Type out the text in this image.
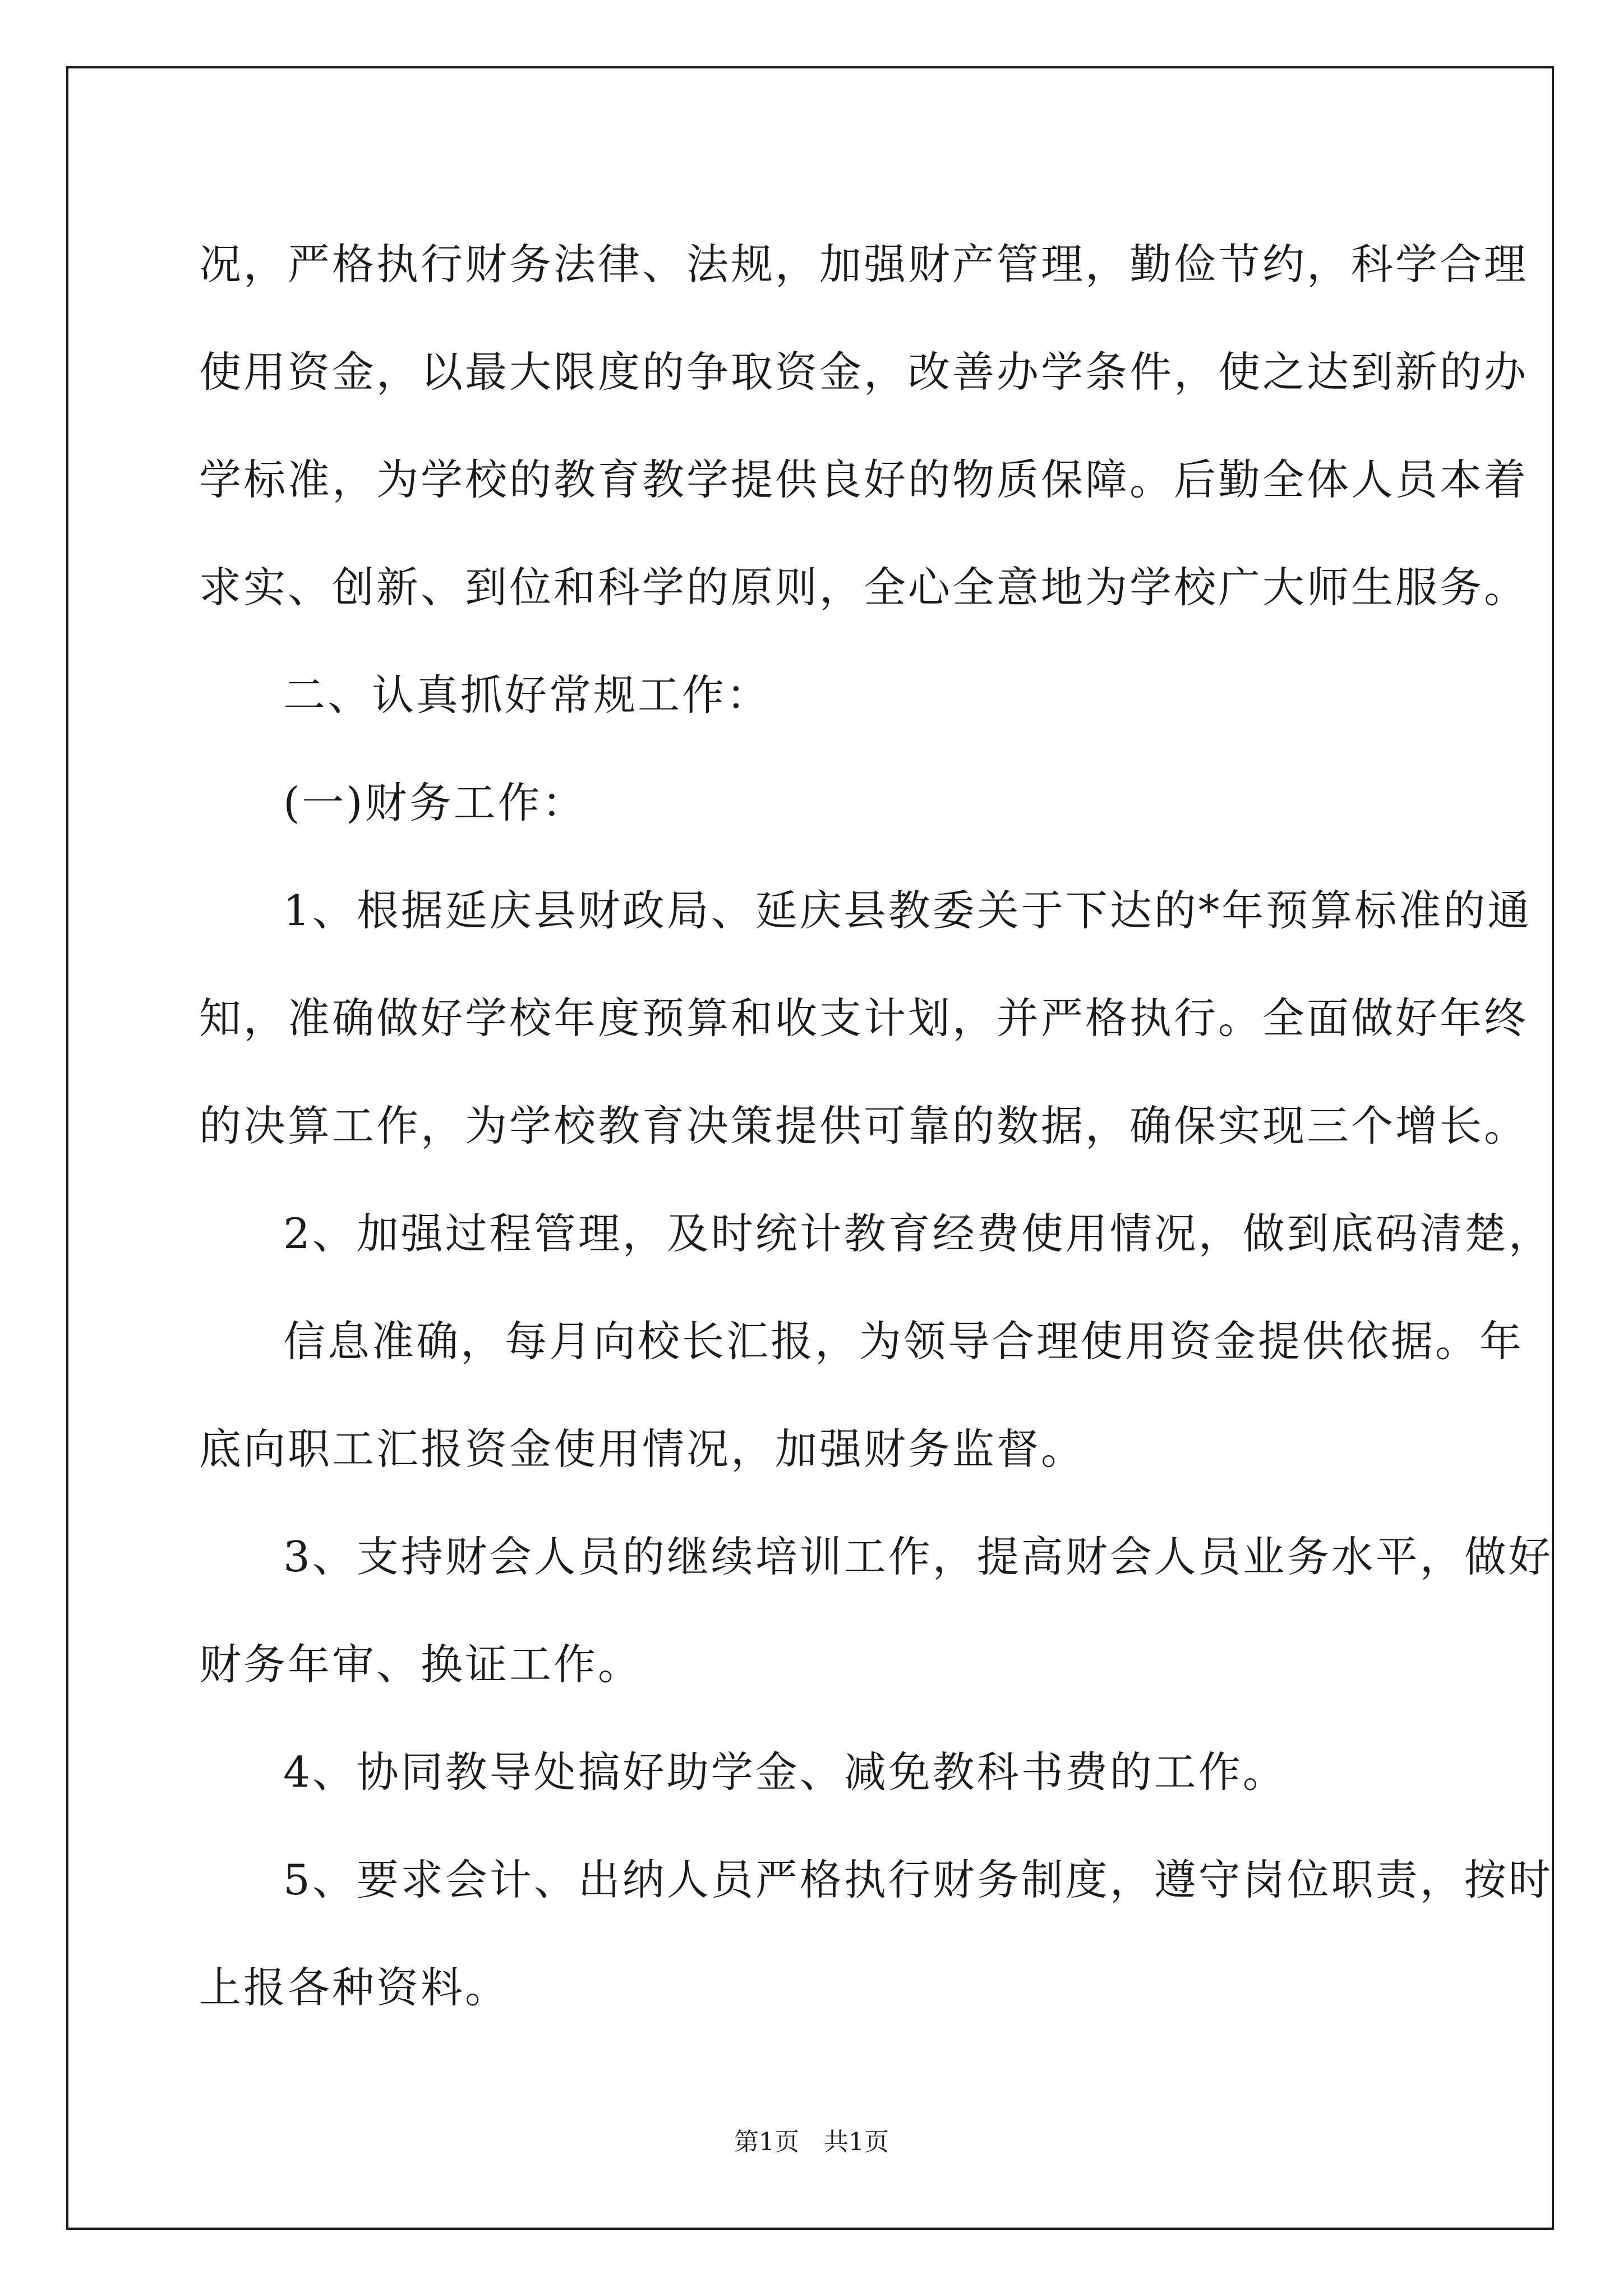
况，严格执行财务法律、法规，加强财产管理，勤俭节约，科学合理

使用资金，以最大限度的争取资金，改善办学条件，使之达到新的办

学标准，为学校的教育教学提供良好的物质保障。后勤全体人员本着

求实、创新、到位和科学的原则，全心全意地为学校广大师生服务。

二、认真抓好常规工作：

(一)财务工作：

1、根据延庆县财政局、延庆县教委关于下达的*年预算标准的通

知，准确做好学校年度预算和收支计划，并严格执行。全面做好年终

的决算工作，为学校教育决策提供可靠的数据，确保实现三个增长。

2、加强过程管理，及时统计教育经费使用情况，做到底码清楚，

信息准确，每月向校长汇报，为领导合理使用资金提供依据。年

底向职工汇报资金使用情况，加强财务监督。

3、支持财会人员的继续培训工作，提高财会人员业务水平，做好

财务年审、换证工作。

4、协同教导处搞好助学金、减免教科书费的工作。

5、要求会计、出纳人员严格执行财务制度，遵守岗位职责，按时

上报各种资料。

第1页 共1页
